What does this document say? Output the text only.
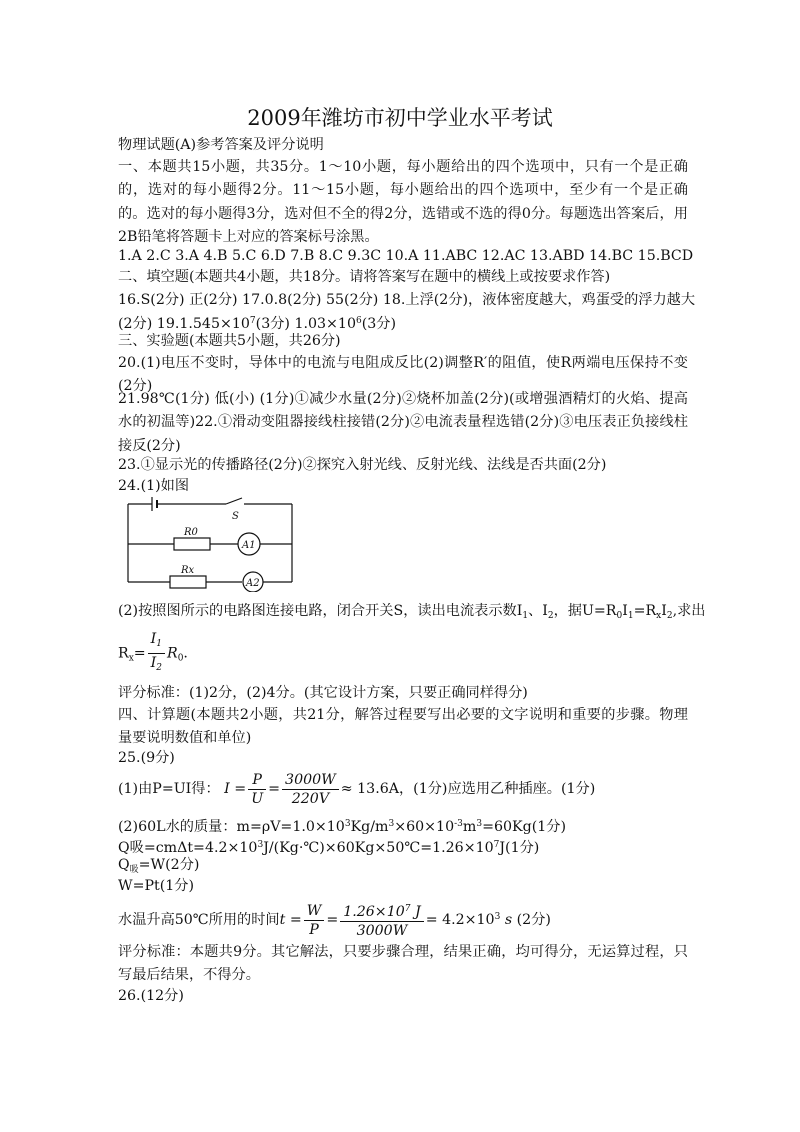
2009年潍坊市初中学业水平考试
物理试题(A)参考答案及评分说明
一、本题共15小题，共35分。1～10小题，每小题给出的四个选项中，只有一个是正确的，选对的每小题得2分。11～15小题，每小题给出的四个选项中，至少有一个是正确的。选对的每小题得3分，选对但不全的得2分，选错或不选的得0分。每题选出答案后，用2B铅笔将答题卡上对应的答案标号涂黑。
1.A 2.C 3.A 4.B 5.C 6.D 7.B 8.C 9.3C 10.A 11.ABC 12.AC 13.ABD 14.BC 15.BCD
二、填空题(本题共4小题，共18分。请将答案写在题中的横线上或按要求作答)
16.S(2分) 正(2分) 17.0.8(2分) 55(2分) 18.上浮(2分)，液体密度越大，鸡蛋受的浮力越大
(2分) $19.1.545\times 10^7(3$分) $1.03\times 10^6(3$分)
三、实验题(本题共5小题，共26分)
20.(1)电压不变时，导体中的电流与电阻成反比(2)调整R′的阻值，使R两端电压保持不变(2分)
21.98℃(1分) 低(小) (1分)①减少水量(2分)②烧杯加盖(2分)(或增强酒精灯的火焰、提高水的初温等)22.①滑动变阻器接线柱接错(2分)②电流表量程选错(2分)③电压表正负接线柱接反(2分)
23.①显示光的传播路径(2分)②探究入射光线、反射光线、法线是否共面(2分)
24.(1)如图
S
R0
A1
Rx
A2
(2)按照图所示的电路图连接电路，闭合开关S，读出电流表示数$I_1$、$I_2$，据$U=R_0I_1=R_xI_2$,求出
$R_x= \frac{I_1}{I_2} R_0$.
评分标准：(1)2分，(2)4分。(其它设计方案，只要正确同样得分)
四、计算题(本题共2小题，共21分，解答过程要写出必要的文字说明和重要的步骤。物理量要说明数值和单位)
25.(9分)
(1)由P=UI得： $I = \frac{P}{U} = \frac{3000W}{220V} \approx 13.6A$，(1分)应选用乙种插座。(1分)
(2)60L水的质量：$m=\rho V=1.0\times 10^3Kg/m^3\times 60\times 10^{-3}m^3=60Kg(1$分)
Q吸$=cm\Delta t=4.2\times 10^3J/(Kg\cdot℃)\times 60Kg\times 50℃=1.26\times 10^7J(1$分)
$Q_吸=W(2$分)
W=Pt(1分)
水温升高50℃所用的时间$t = \frac{W}{P} = \frac{1.26\times 10^7 J}{3000W} = 4.2\times 10^3$ s (2分)
评分标准：本题共9分。其它解法，只要步骤合理，结果正确，均可得分，无运算过程，只写最后结果，不得分。
26.(12分)
